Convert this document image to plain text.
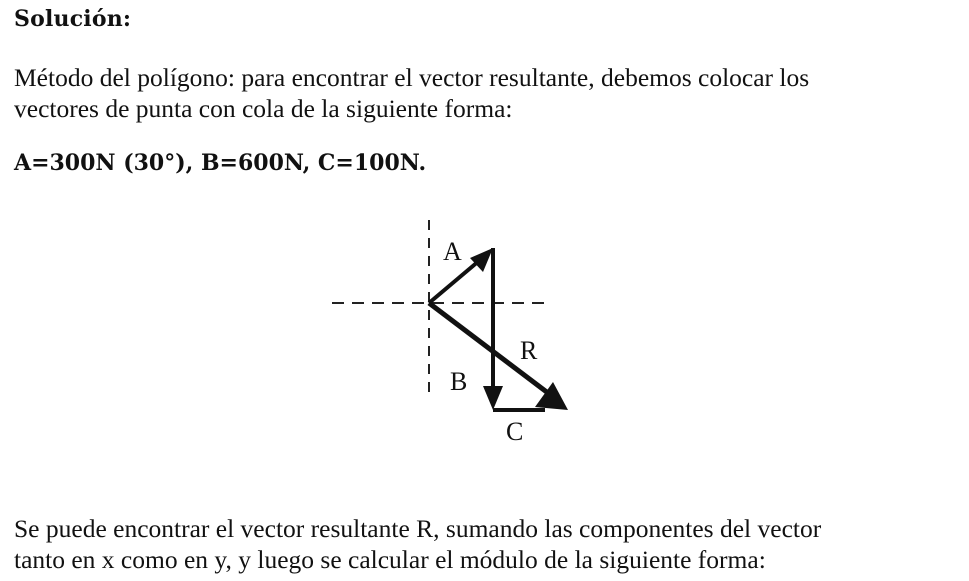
Solución:
Método del polígono: para encontrar el vector resultante, debemos colocar los
vectores de punta con cola de la siguiente forma:
A=300N (30°), B=600N, C=100N.
A
B
C
R
Se puede encontrar el vector resultante R, sumando las componentes del vector
tanto en x como en y, y luego se calcular el módulo de la siguiente forma:
